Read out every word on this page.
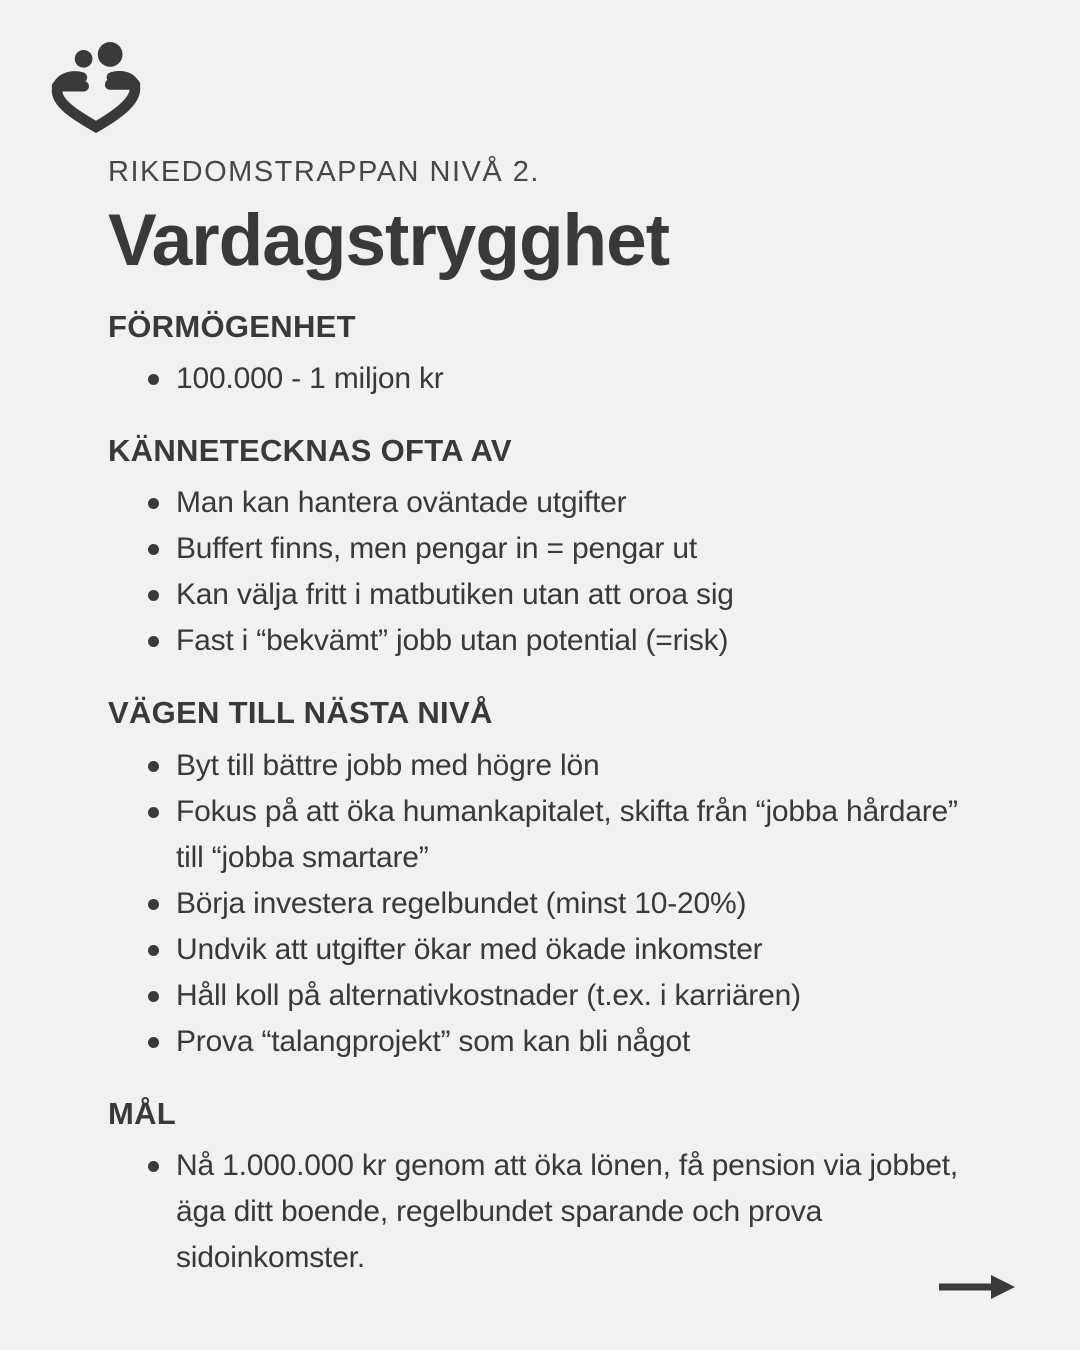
RIKEDOMSTRAPPAN NIVÅ 2.
Vardagstrygghet
FÖRMÖGENHET
100.000 - 1 miljon kr
KÄNNETECKNAS OFTA AV
Man kan hantera oväntade utgifter
Buffert finns, men pengar in = pengar ut
Kan välja fritt i matbutiken utan att oroa sig
Fast i “bekvämt” jobb utan potential (=risk)
VÄGEN TILL NÄSTA NIVÅ
Byt till bättre jobb med högre lön
Fokus på att öka humankapitalet, skifta från “jobba hårdare” till “jobba smartare”
Börja investera regelbundet (minst 10-20%)
Undvik att utgifter ökar med ökade inkomster
Håll koll på alternativkostnader (t.ex. i karriären)
Prova “talangprojekt” som kan bli något
MÅL
Nå 1.000.000 kr genom att öka lönen, få pension via jobbet, äga ditt boende, regelbundet sparande och prova sidoinkomster.
